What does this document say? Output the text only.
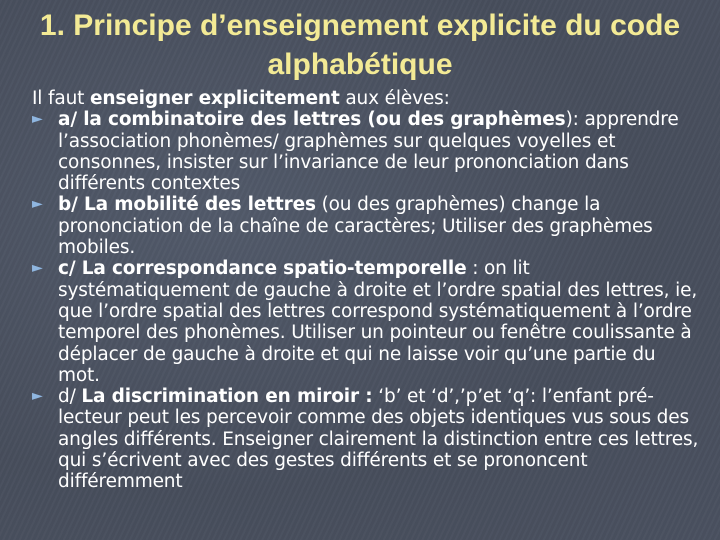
1. Principe d’enseignement explicite du code alphabétique

Il faut enseigner explicitement aux élèves:

► a/ la combinatoire des lettres (ou des graphèmes): apprendre l’association phonèmes/ graphèmes sur quelques voyelles et consonnes, insister sur l’invariance de leur prononciation dans différents contextes

► b/ La mobilité des lettres (ou des graphèmes) change la prononciation de la chaîne de caractères; Utiliser des graphèmes mobiles.

► c/ La correspondance spatio-temporelle : on lit systématiquement de gauche à droite et l’ordre spatial des lettres, ie, que l’ordre spatial des lettres correspond systématiquement à l’ordre temporel des phonèmes. Utiliser un pointeur ou fenêtre coulissante à déplacer de gauche à droite et qui ne laisse voir qu’une partie du mot.

► d/ La discrimination en miroir : ‘b’ et ‘d’,’p’et ‘q’: l’enfant pré-lecteur peut les percevoir comme des objets identiques vus sous des angles différents. Enseigner clairement la distinction entre ces lettres, qui s’écrivent avec des gestes différents et se prononcent différemment
